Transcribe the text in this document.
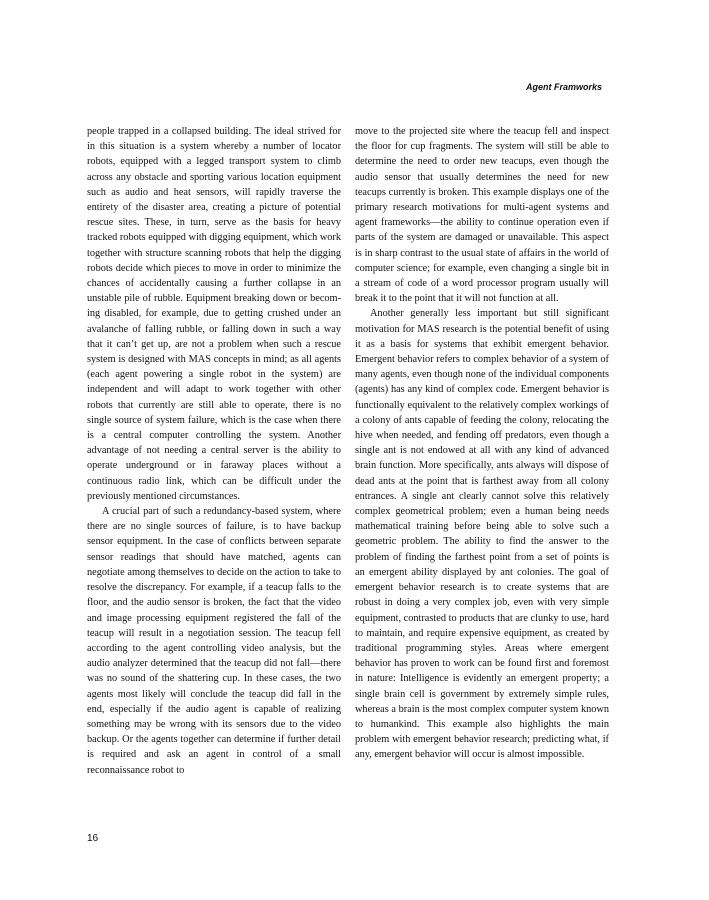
Agent Framworks

people trapped in a collapsed building. The ideal strived for in this situation is a system whereby a number of locator robots, equipped with a legged transport system to climb across any obstacle and sporting various location equipment such as audio and heat sensors, will rapidly traverse the entirety of the disaster area, creating a picture of potential rescue sites. These, in turn, serve as the basis for heavy tracked robots equipped with digging equipment, which work together with structure scanning robots that help the digging robots decide which pieces to move in order to minimize the chances of accidentally causing a further collapse in an unstable pile of rubble. Equipment breaking down or becoming disabled, for example, due to getting crushed under an avalanche of falling rubble, or falling down in such a way that it can’t get up, are not a problem when such a rescue system is designed with MAS concepts in mind; as all agents (each agent powering a single robot in the system) are independent and will adapt to work together with other robots that currently are still able to operate, there is no single source of system failure, which is the case when there is a central computer controlling the system. Another advantage of not needing a central server is the ability to operate underground or in faraway places without a continuous radio link, which can be difficult under the previously mentioned circumstances.

A crucial part of such a redundancy-based system, where there are no single sources of failure, is to have backup sensor equipment. In the case of conflicts between separate sensor readings that should have matched, agents can negotiate among themselves to decide on the action to take to resolve the discrepancy. For example, if a teacup falls to the floor, and the audio sensor is broken, the fact that the video and image processing equipment registered the fall of the teacup will result in a negotiation session. The teacup fell according to the agent controlling video analysis, but the audio analyzer determined that the teacup did not fall—there was no sound of the shattering cup. In these cases, the two agents most likely will conclude the teacup did fall in the end, especially if the audio agent is capable of realizing something may be wrong with its sensors due to the video backup. Or the agents together can determine if further detail is required and ask an agent in control of a small reconnaissance robot to

move to the projected site where the teacup fell and inspect the floor for cup fragments. The system will still be able to determine the need to order new teacups, even though the audio sensor that usually determines the need for new teacups currently is broken. This example displays one of the primary research motivations for multi-agent systems and agent frameworks—the ability to continue operation even if parts of the system are damaged or unavailable. This aspect is in sharp contrast to the usual state of affairs in the world of computer science; for example, even changing a single bit in a stream of code of a word processor program usually will break it to the point that it will not function at all.

Another generally less important but still significant motivation for MAS research is the potential benefit of using it as a basis for systems that exhibit emergent behavior. Emergent behavior refers to complex behavior of a system of many agents, even though none of the individual components (agents) has any kind of complex code. Emergent behavior is functionally equivalent to the relatively complex workings of a colony of ants capable of feeding the colony, relocating the hive when needed, and fending off predators, even though a single ant is not endowed at all with any kind of advanced brain function. More specifically, ants always will dispose of dead ants at the point that is farthest away from all colony entrances. A single ant clearly cannot solve this relatively complex geometrical problem; even a human being needs mathematical training before being able to solve such a geometric problem. The ability to find the answer to the problem of finding the farthest point from a set of points is an emergent ability displayed by ant colonies. The goal of emergent behavior research is to create systems that are robust in doing a very complex job, even with very simple equipment, contrasted to products that are clunky to use, hard to maintain, and require expensive equipment, as created by traditional programming styles. Areas where emergent behavior has proven to work can be found first and foremost in nature: Intelligence is evidently an emergent property; a single brain cell is government by extremely simple rules, whereas a brain is the most complex computer system known to humankind. This example also highlights the main problem with emergent behavior research; predicting what, if any, emergent behavior will occur is almost impossible.

16
